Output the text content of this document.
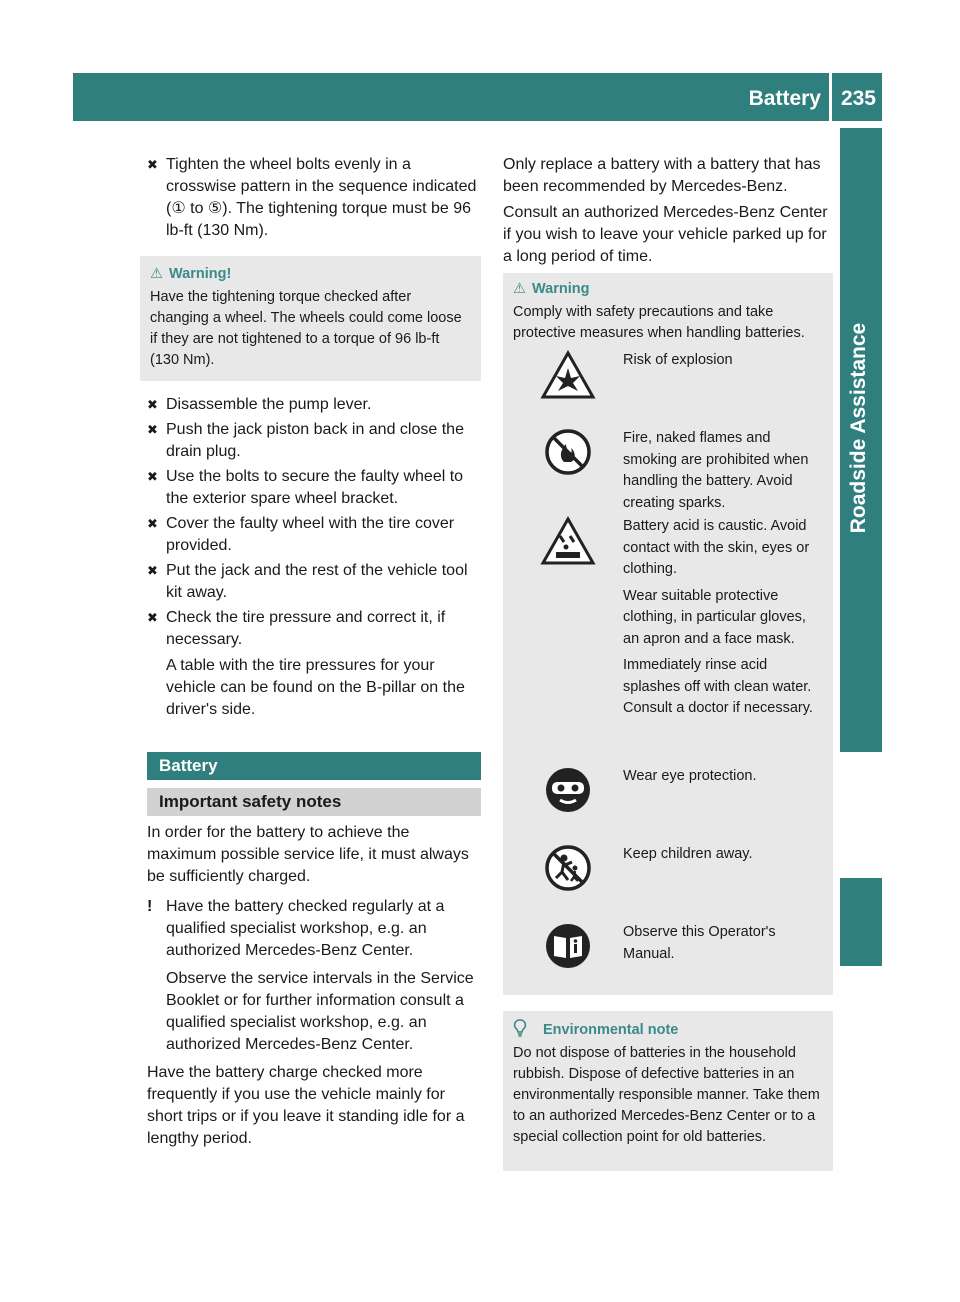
Battery 235
Roadside Assistance
✖ Tighten the wheel bolts evenly in a crosswise pattern in the sequence indicated (① to ⑤). The tightening torque must be 96 lb-ft (130 Nm).

⚠ Warning!
Have the tightening torque checked after changing a wheel. The wheels could come loose if they are not tightened to a torque of 96 lb-ft (130 Nm).
✖ Disassemble the pump lever.

✖ Push the jack piston back in and close the drain plug.

✖ Use the bolts to secure the faulty wheel to the exterior spare wheel bracket.

✖ Cover the faulty wheel with the tire cover provided.

✖ Put the jack and the rest of the vehicle tool kit away.

✖ Check the tire pressure and correct it, if necessary.

A table with the tire pressures for your vehicle can be found on the B-pillar on the driver's side.

Battery
Important safety notes

In order for the battery to achieve the maximum possible service life, it must always be sufficiently charged.

! Have the battery checked regularly at a qualified specialist workshop, e.g. an authorized Mercedes-Benz Center.

Observe the service intervals in the Service Booklet or for further information consult a qualified specialist workshop, e.g. an authorized Mercedes-Benz Center.

Have the battery charge checked more frequently if you use the vehicle mainly for short trips or if you leave it standing idle for a lengthy period.

Only replace a battery with a battery that has been recommended by Mercedes-Benz.

Consult an authorized Mercedes-Benz Center if you wish to leave your vehicle parked up for a long period of time.

⚠ Warning
Comply with safety precautions and take protective measures when handling batteries.

Risk of explosion

Fire, naked flames and smoking are prohibited when handling the battery. Avoid creating sparks.

Battery acid is caustic. Avoid contact with the skin, eyes or clothing.

Wear suitable protective clothing, in particular gloves, an apron and a face mask.

Immediately rinse acid splashes off with clean water. Consult a doctor if necessary.

Wear eye protection.

Keep children away.

Observe this Operator's Manual.

Environmental note
Do not dispose of batteries in the household rubbish. Dispose of defective batteries in an environmentally responsible manner. Take them to an authorized Mercedes-Benz Center or to a special collection point for old batteries.
